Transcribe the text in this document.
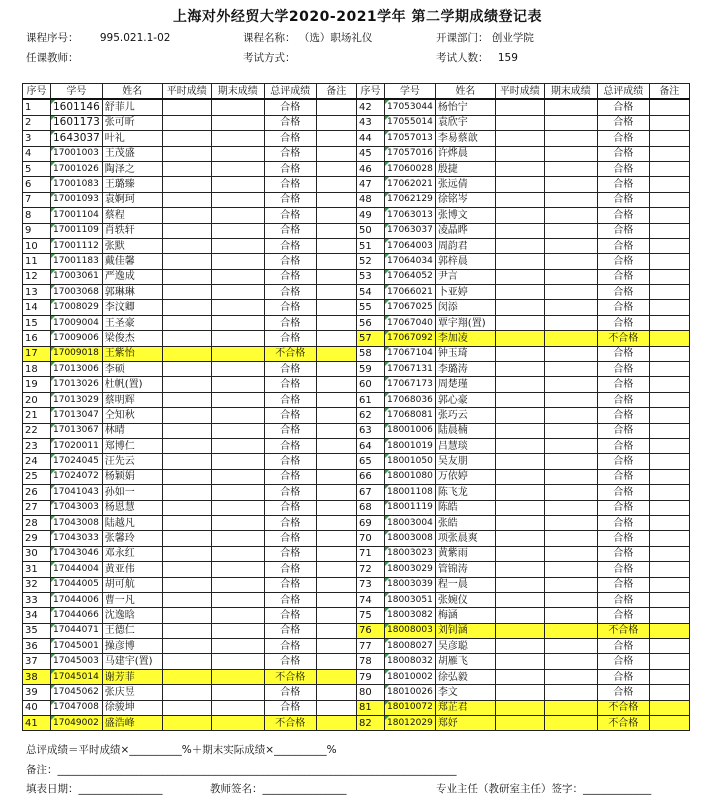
上海对外经贸大学2020-2021学年 第二学期成绩登记表
课程序号： 995.021.1-02	课程名称： （选）职场礼仪	开课部门： 创业学院
任课教师：	考试方式：	考试人数： 159
序号	学号	姓名	平时成绩	期末成绩	总评成绩	备注
1	1601146	舒菲儿			合格	
2	1601173	张可昕			合格	
3	1643037	叶礼			合格	
4	17001003	王茂盛			合格	
5	17001026	陶泽之			合格	
6	17001083	王璐臻			合格	
7	17001093	袁婀珂			合格	
8	17001104	蔡程			合格	
9	17001109	肖轶轩			合格	
10	17001112	张默			合格	
11	17001183	戴佳馨			合格	
12	17003061	严逸成			合格	
13	17003068	郭琳琳			合格	
14	17008029	李汶卿			合格	
15	17009004	王圣豪			合格	
16	17009006	梁俊杰			合格	
17	17009018	王紫怡			不合格	
18	17013006	李硕			合格	
19	17013026	杜帆(置)			合格	
20	17013029	蔡明辉			合格	
21	17013047	仝知秋			合格	
22	17013067	林晴			合格	
23	17020011	郑博仁			合格	
24	17024045	汪先云			合格	
25	17024072	杨颖娟			合格	
26	17041043	孙如一			合格	
27	17043003	杨恩慧			合格	
28	17043008	陆越凡			合格	
29	17043033	张馨玲			合格	
30	17043046	邓永红			合格	
31	17044004	黄亚伟			合格	
32	17044005	胡可航			合格	
33	17044006	曹一凡			合格	
34	17044066	沈逸晗			合格	
35	17044071	王德仁			合格	
36	17045001	操彦博			合格	
37	17045003	马建宇(置)			合格	
38	17045014	谢芳菲			不合格	
39	17045062	张庆昱			合格	
40	17047008	徐骏坤			合格	
41	17049002	盛浩峰			不合格	
序号	学号	姓名	平时成绩	期末成绩	总评成绩	备注
42	17053044	杨怡宁			合格	
43	17055014	袁欣宇			合格	
44	17057013	李易蔡歆			合格	
45	17057016	许烨晨			合格	
46	17060028	殷捷			合格	
47	17062021	张远倩			合格	
48	17062129	徐铭岑			合格	
49	17063013	张博文			合格	
50	17063037	凌晶晔			合格	
51	17064003	周韵君			合格	
52	17064034	郭梓晨			合格	
53	17064052	尹言			合格	
54	17066021	卜亚婷			合格	
55	17067025	闵添			合格	
56	17067040	覃宇翔(置)			合格	
57	17067092	李加凌			不合格	
58	17067104	钟玉琦			合格	
59	17067131	李璐涛			合格	
60	17067173	周楚瑾			合格	
61	17068036	郭心豪			合格	
62	17068081	张巧云			合格	
63	18001006	陆晨楠			合格	
64	18001019	吕慧琰			合格	
65	18001050	吴友朋			合格	
66	18001080	万依婷			合格	
67	18001108	陈飞龙			合格	
68	18001119	陈皓			合格	
69	18003004	张皓			合格	
70	18003008	项张晨爽			合格	
71	18003023	黄紫雨			合格	
72	18003029	管锦涛			合格	
73	18003039	程一晨			合格	
74	18003051	张婉仪			合格	
75	18003082	梅涵			合格	
76	18008003	刘钊涵			不合格	
77	18008027	吴彦聪			合格	
78	18008032	胡雁飞			合格	
79	18010002	徐弘毅			合格	
80	18010026	李文			合格	
81	18010072	郑芷君			不合格	
82	18012029	郑妤			不合格	
总评成绩＝平时成绩×__________%＋期末实际成绩×__________%
备注：____________________________________________________________________________
填表日期：________________	教师签名：________________	专业主任（教研室主任）签字：_____________
